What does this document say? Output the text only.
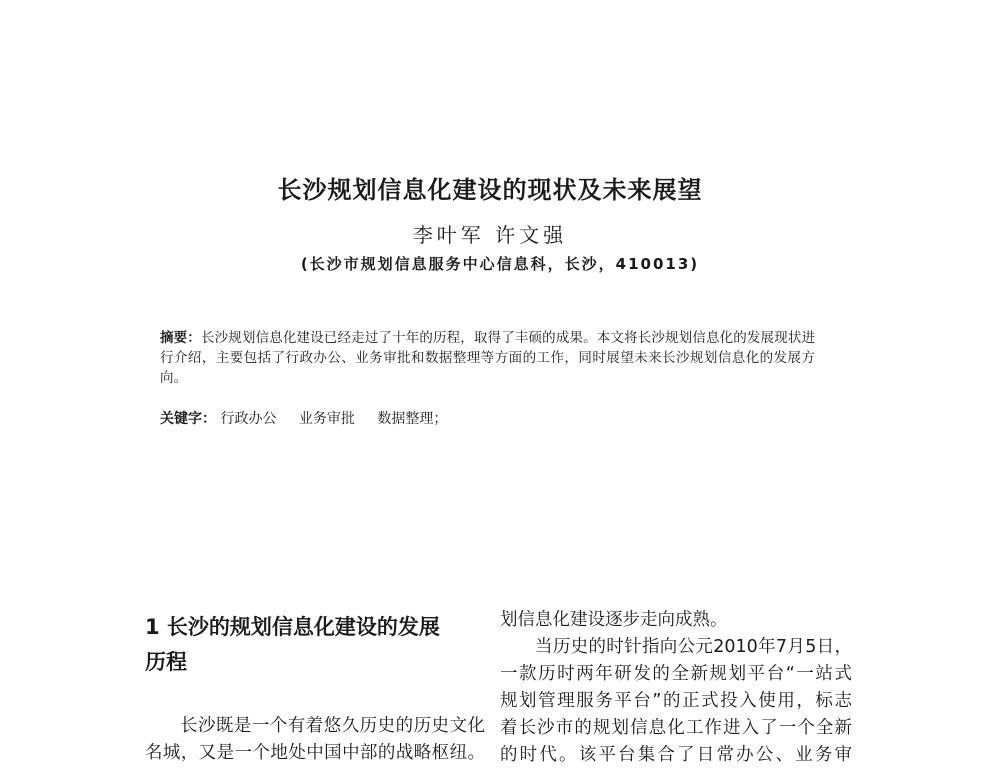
长沙规划信息化建设的现状及未来展望
李叶军 许文强
(长沙市规划信息服务中心信息科，长沙，410013)
摘要：长沙规划信息化建设已经走过了十年的历程，取得了丰硕的成果。本文将长沙规划信息化的发展现状进行介绍，主要包括了行政办公、业务审批和数据整理等方面的工作，同时展望未来长沙规划信息化的发展方向。
关键字： 行政办公 业务审批 数据整理；
1 长沙的规划信息化建设的发展
历程
长沙既是一个有着悠久历史的历史文化
名城，又是一个地处中国中部的战略枢纽。
划信息化建设逐步走向成熟。
当历史的时针指向公元2010年7月5日，
一款历时两年研发的全新规划平台“一站式
规划管理服务平台”的正式投入使用，标志
着长沙市的规划信息化工作进入了一个全新
的时代。该平台集合了日常办公、业务审
